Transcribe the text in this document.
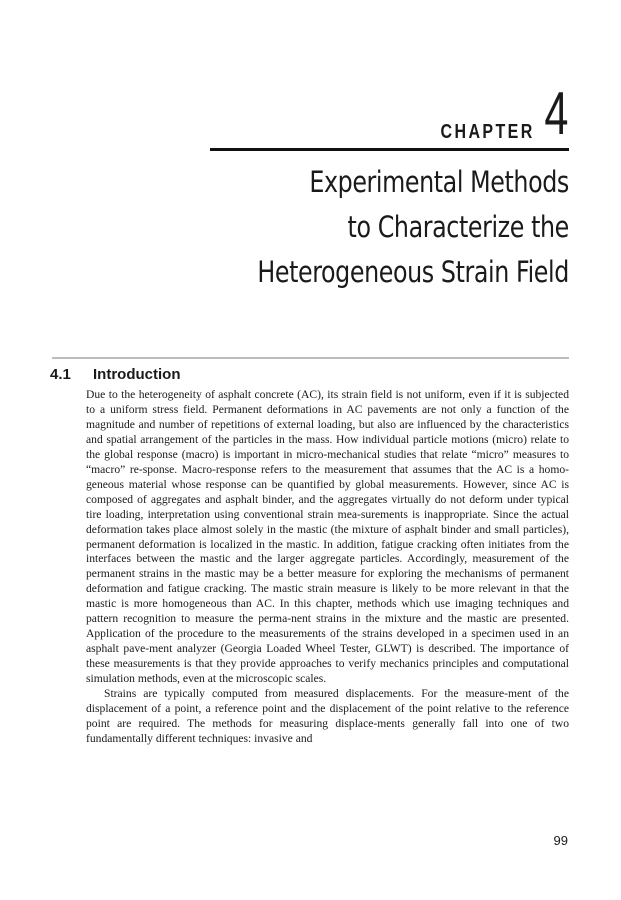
CHAPTER 4
Experimental Methods
to Characterize the
Heterogeneous Strain Field
4.1 Introduction

Due to the heterogeneity of asphalt concrete (AC), its strain field is not uniform, even if it is subjected to a uniform stress field. Permanent deformations in AC pavements are not only a function of the magnitude and number of repetitions of external loading, but also are influenced by the characteristics and spatial arrangement of the particles in the mass. How individual particle motions (micro) relate to the global response (macro) is important in micro-mechanical studies that relate “micro” measures to “macro” re-sponse. Macro-response refers to the measurement that assumes that the AC is a homo-geneous material whose response can be quantified by global measurements. However, since AC is composed of aggregates and asphalt binder, and the aggregates virtually do not deform under typical tire loading, interpretation using conventional strain mea-surements is inappropriate. Since the actual deformation takes place almost solely in the mastic (the mixture of asphalt binder and small particles), permanent deformation is localized in the mastic. In addition, fatigue cracking often initiates from the interfaces between the mastic and the larger aggregate particles. Accordingly, measurement of the permanent strains in the mastic may be a better measure for exploring the mechanisms of permanent deformation and fatigue cracking. The mastic strain measure is likely to be more relevant in that the mastic is more homogeneous than AC. In this chapter, methods which use imaging techniques and pattern recognition to measure the perma-nent strains in the mixture and the mastic are presented. Application of the procedure to the measurements of the strains developed in a specimen used in an asphalt pave-ment analyzer (Georgia Loaded Wheel Tester, GLWT) is described. The importance of these measurements is that they provide approaches to verify mechanics principles and computational simulation methods, even at the microscopic scales.

Strains are typically computed from measured displacements. For the measure-ment of the displacement of a point, a reference point and the displacement of the point relative to the reference point are required. The methods for measuring displace-ments generally fall into one of two fundamentally different techniques: invasive and

99
